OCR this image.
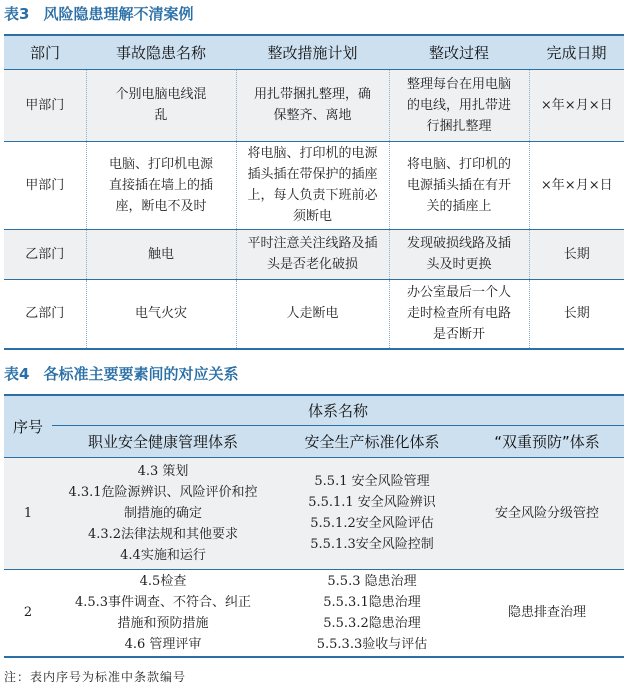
表3 风险隐患理解不清案例
部门	事故隐患名称	整改措施计划	整改过程	完成日期
甲部门	个别电脑电线混
乱	用扎带捆扎整理，确
保整齐、离地	整理每台在用电脑
的电线，用扎带进
行捆扎整理	×年×月×日
甲部门	电脑、打印机电源
直接插在墙上的插
座，断电不及时	将电脑、打印机的电源
插头插在带保护的插座
上，每人负责下班前必
须断电	将电脑、打印机的
电源插头插在有开
关的插座上	×年×月×日
乙部门	触电	平时注意关注线路及插
头是否老化破损	发现破损线路及插
头及时更换	长期
乙部门	电气火灾	人走断电	办公室最后一个人
走时检查所有电路
是否断开	长期
表4 各标准主要要素间的对应关系
序号	体系名称		
	职业安全健康管理体系	安全生产标准化体系	“双重预防”体系
1	4.3 策划
4.3.1危险源辨识、风险评价和控
制措施的确定
4.3.2法律法规和其他要求
4.4实施和运行	5.5.1 安全风险管理
5.5.1.1 安全风险辨识
5.5.1.2安全风险评估
5.5.1.3安全风险控制	安全风险分级管控
2	4.5检查
4.5.3事件调查、不符合、纠正
措施和预防措施
4.6 管理评审	5.5.3 隐患治理
5.5.3.1隐患治理
5.5.3.2隐患治理
5.5.3.3验收与评估	隐患排查治理
注：表内序号为标准中条款编号
